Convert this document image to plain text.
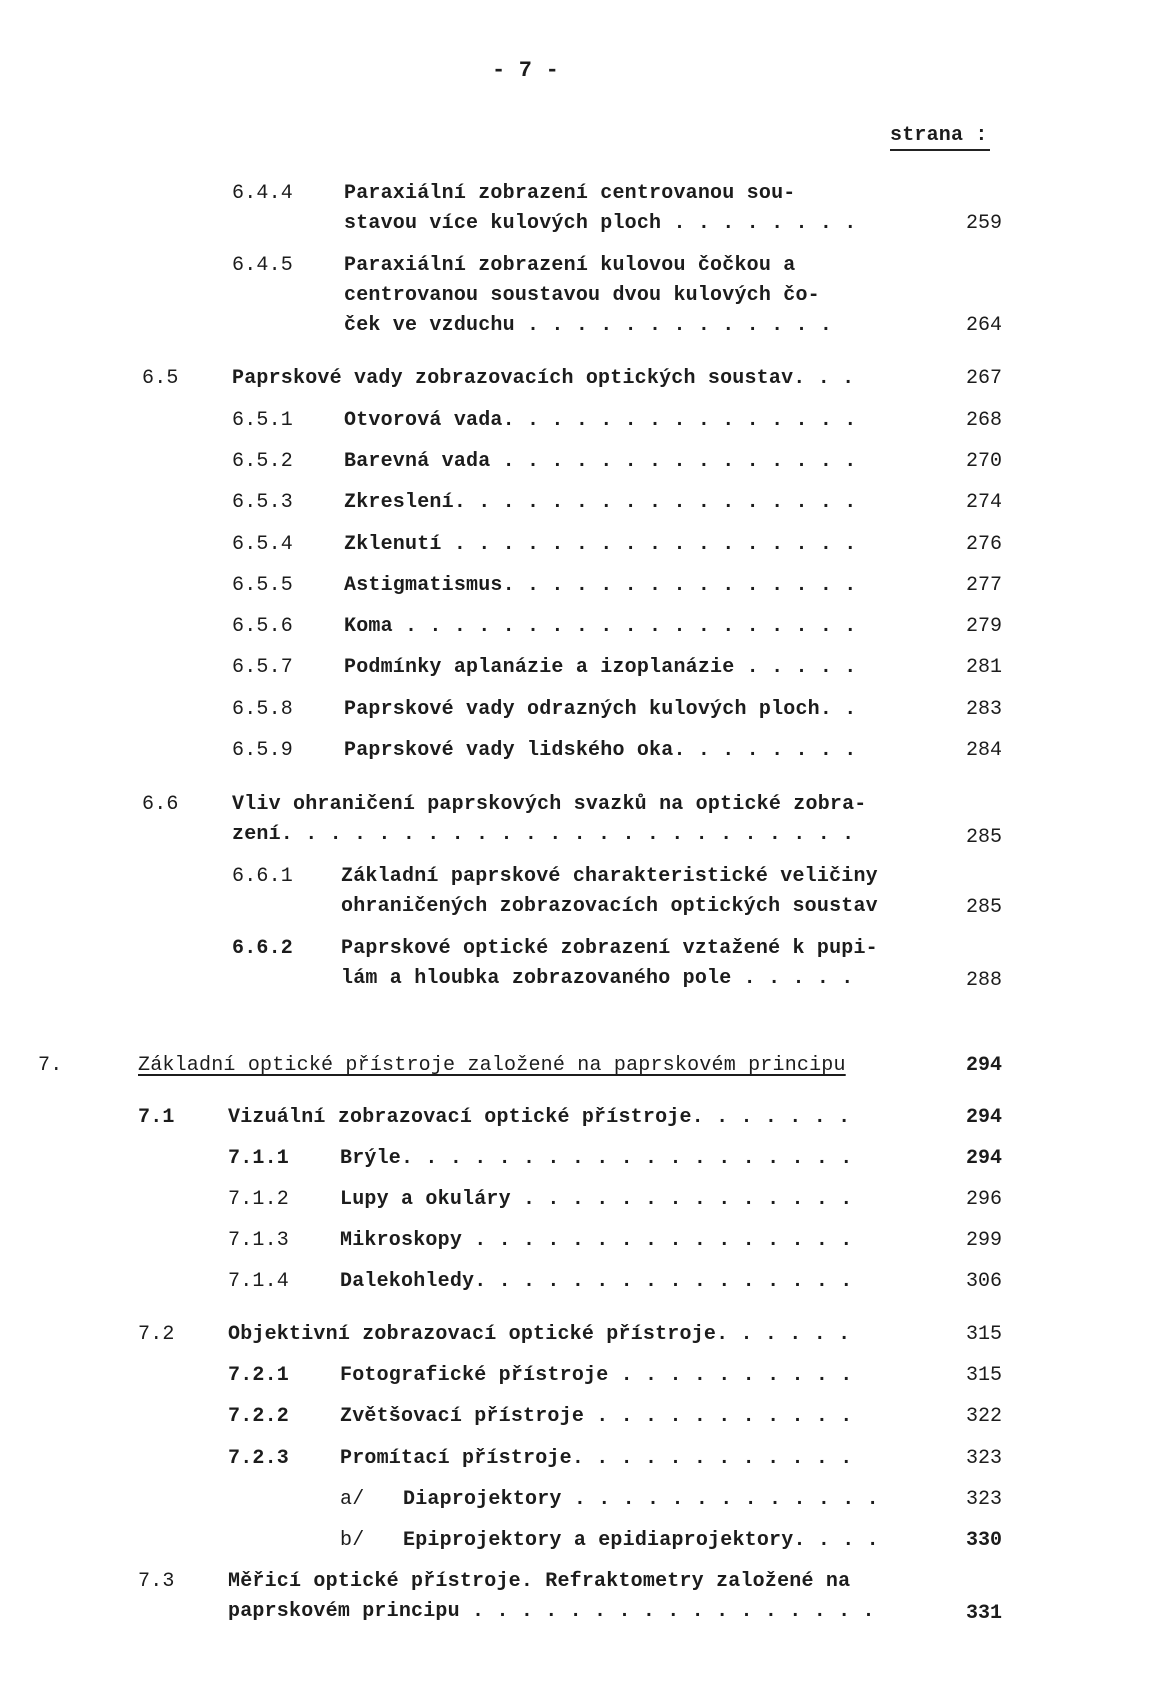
- 7 -
strana :
6.4.4	Paraxiální zobrazení centrovanou sou-
stavou více kulových ploch . . . . . . . .	259
6.4.5	Paraxiální zobrazení kulovou čočkou a
centrovanou soustavou dvou kulových čo-
ček ve vzduchu . . . . . . . . . . . . .	264
6.5	Paprskové vady zobrazovacích optických soustav. . .	267
6.5.1	Otvorová vada. . . . . . . . . . . . . . .	268
6.5.2	Barevná vada . . . . . . . . . . . . . . .	270
6.5.3	Zkreslení. . . . . . . . . . . . . . . . .	274
6.5.4	Zklenutí . . . . . . . . . . . . . . . . .	276
6.5.5	Astigmatismus. . . . . . . . . . . . . . .	277
6.5.6	Koma . . . . . . . . . . . . . . . . . . .	279
6.5.7	Podmínky aplanázie a izoplanázie . . . . .	281
6.5.8	Paprskové vady odrazných kulových ploch. .	283
6.5.9	Paprskové vady lidského oka. . . . . . . .	284
6.6	Vliv ohraničení paprskových svazků na optické zobra-
zení. . . . . . . . . . . . . . . . . . . . . . . .	285
6.6.1 Základní paprskové charakteristické veličiny
ohraničených zobrazovacích optických soustav	285
6.6.2 Paprskové optické zobrazení vztažené k pupi-
lám a hloubka zobrazovaného pole . . . . .	288
7.	Základní optické přístroje založené na paprskovém principu	294
7.1	Vizuální zobrazovací optické přístroje. . . . . . .	294
7.1.1	Brýle. . . . . . . . . . . . . . . . . . .	294
7.1.2	Lupy a okuláry . . . . . . . . . . . . . .	296
7.1.3	Mikroskopy . . . . . . . . . . . . . . . .	299
7.1.4	Dalekohledy. . . . . . . . . . . . . . . .	306
7.2	Objektivní zobrazovací optické přístroje. . . . . .	315
7.2.1	Fotografické přístroje . . . . . . . . . .	315
7.2.2	Zvětšovací přístroje . . . . . . . . . . .	322
7.2.3	Promítací přístroje. . . . . . . . . . . .	323
a/ Diaprojektory . . . . . . . . . . . . .	323
b/ Epiprojektory a epidiaprojektory. . . .	330
7.3	Měřicí optické přístroje. Refraktometry založené na
paprskovém principu . . . . . . . . . . . . . . . . .	331
